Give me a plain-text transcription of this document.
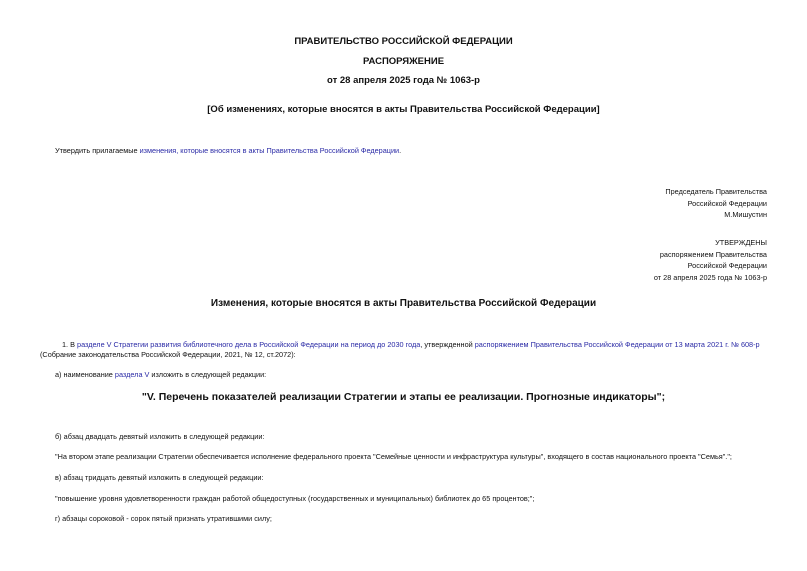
ПРАВИТЕЛЬСТВО РОССИЙСКОЙ ФЕДЕРАЦИИ
РАСПОРЯЖЕНИЕ
от 28 апреля 2025 года № 1063-р
[Об изменениях, которые вносятся в акты Правительства Российской Федерации]
Утвердить прилагаемые изменения, которые вносятся в акты Правительства Российской Федерации.
Председатель Правительства
Российской Федерации
М.Мишустин
УТВЕРЖДЕНЫ
распоряжением Правительства
Российской Федерации
от 28 апреля 2025 года № 1063-р
Изменения, которые вносятся в акты Правительства Российской Федерации
1. В разделе V Стратегии развития библиотечного дела в Российской Федерации на период до 2030 года, утвержденной распоряжением Правительства Российской Федерации от 13 марта 2021 г. № 608-р
(Собрание законодательства Российской Федерации, 2021, № 12, ст.2072):
а) наименование раздела V изложить в следующей редакции:
"V. Перечень показателей реализации Стратегии и этапы ее реализации. Прогнозные индикаторы";
б) абзац двадцать девятый изложить в следующей редакции:
"На втором этапе реализации Стратегии обеспечивается исполнение федерального проекта "Семейные ценности и инфраструктура культуры", входящего в состав национального проекта "Семья".";
в) абзац тридцать девятый изложить в следующей редакции:
"повышение уровня удовлетворенности граждан работой общедоступных (государственных и муниципальных) библиотек до 65 процентов;";
г) абзацы сороковой - сорок пятый признать утратившими силу;
